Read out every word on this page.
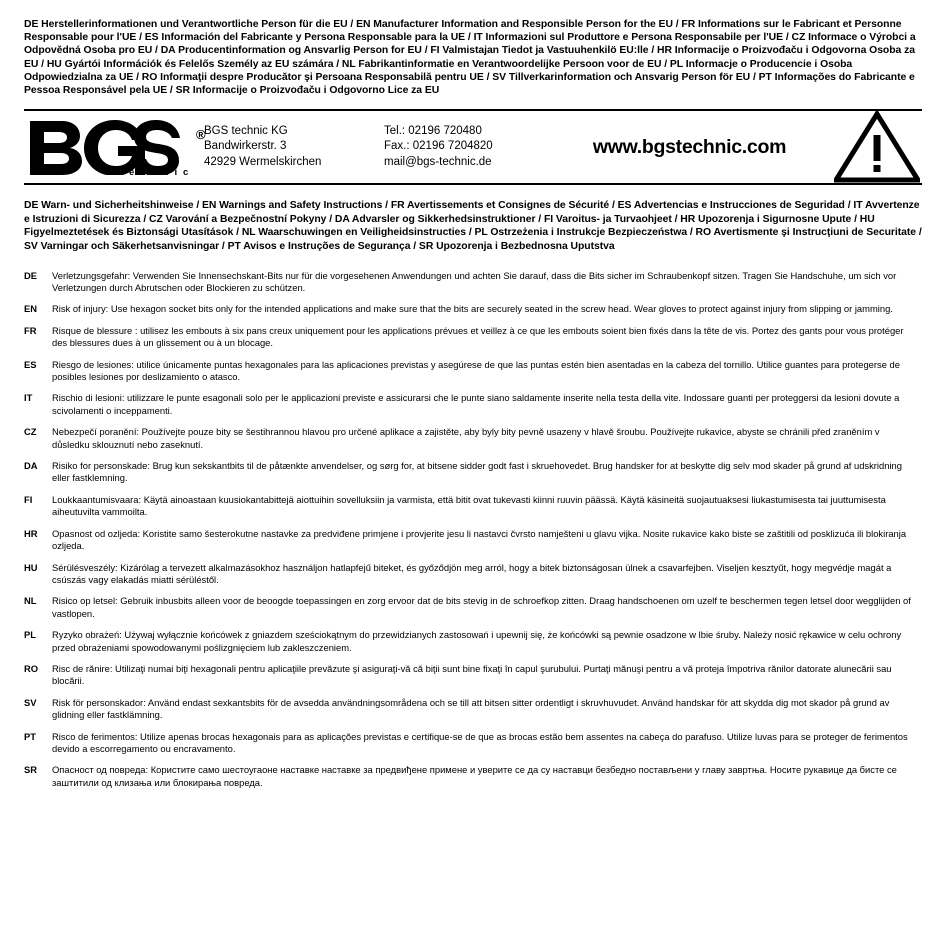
DE Herstellerinformationen und Verantwortliche Person für die EU / EN Manufacturer Information and Responsible Person for the EU / FR Informations sur le Fabricant et Personne Responsable pour l'UE / ES Información del Fabricante y Persona Responsable para la UE / IT Informazioni sul Produttore e Persona Responsabile per l'UE / CZ Informace o Výrobci a Odpovědná Osoba pro EU / DA Producentinformation og Ansvarlig Person for EU / FI Valmistajan Tiedot ja Vastuuhenkilö EU:lle / HR Informacije o Proizvođaču i Odgovorna Osoba za EU / HU Gyártói Információk és Felelős Személy az EU számára / NL Fabrikantinformatie en Verantwoordelijke Persoon voor de EU / PL Informacje o Producencie i Osoba Odpowiedzialna za UE / RO Informaţii despre Producător şi Persoana Responsabilă pentru UE / SV Tillverkarinformation och Ansvarig Person för EU / PT Informações do Fabricante e Pessoa Responsável pela UE / SR Informacije o Proizvođaču i Odgovorno Lice za EU
®
t e c h n i c
BGS technic KG
Bandwirkerstr. 3
42929 Wermelskirchen
Tel.: 02196 720480
Fax.: 02196 7204820
mail@bgs-technic.de
www.bgstechnic.com
DE Warn- und Sicherheitshinweise / EN Warnings and Safety Instructions / FR Avertissements et Consignes de Sécurité / ES Advertencias e Instrucciones de Seguridad / IT Avvertenze e Istruzioni di Sicurezza / CZ Varování a Bezpečnostní Pokyny / DA Advarsler og Sikkerhedsinstruktioner / FI Varoitus- ja Turvaohjeet / HR Upozorenja i Sigurnosne Upute / HU Figyelmeztetések és Biztonsági Utasítások / NL Waarschuwingen en Veiligheidsinstructies / PL Ostrzeżenia i Instrukcje Bezpieczeństwa / RO Avertismente şi Instrucţiuni de Securitate / SV Varningar och Säkerhetsanvisningar / PT Avisos e Instruções de Segurança / SR Upozorenja i Bezbednosna Uputstva
DE	Verletzungsgefahr: Verwenden Sie Innensechskant-Bits nur für die vorgesehenen Anwendungen und achten Sie darauf, dass die Bits sicher im Schraubenkopf sitzen. Tragen Sie Handschuhe, um sich vor Verletzungen durch Abrutschen oder Blockieren zu schützen.
EN	Risk of injury: Use hexagon socket bits only for the intended applications and make sure that the bits are securely seated in the screw head. Wear gloves to protect against injury from slipping or jamming.
FR	Risque de blessure : utilisez les embouts à six pans creux uniquement pour les applications prévues et veillez à ce que les embouts soient bien fixés dans la tête de vis. Portez des gants pour vous protéger des blessures dues à un glissement ou à un blocage.
ES	Riesgo de lesiones: utilice únicamente puntas hexagonales para las aplicaciones previstas y asegúrese de que las puntas estén bien asentadas en la cabeza del tornillo. Utilice guantes para protegerse de posibles lesiones por deslizamiento o atasco.
IT	Rischio di lesioni: utilizzare le punte esagonali solo per le applicazioni previste e assicurarsi che le punte siano saldamente inserite nella testa della vite. Indossare guanti per proteggersi da lesioni dovute a scivolamenti o inceppamenti.
CZ	Nebezpečí poranění: Používejte pouze bity se šestihrannou hlavou pro určené aplikace a zajistěte, aby byly bity pevně usazeny v hlavě šroubu. Používejte rukavice, abyste se chránili před zraněním v důsledku sklouznutí nebo zaseknutí.
DA	Risiko for personskade: Brug kun sekskantbits til de påtænkte anvendelser, og sørg for, at bitsene sidder godt fast i skruehovedet. Brug handsker for at beskytte dig selv mod skader på grund af udskridning eller fastklemning.
FI	Loukkaantumisvaara: Käytä ainoastaan kuusiokantabittejä aiottuihin sovelluksiin ja varmista, että bitit ovat tukevasti kiinni ruuvin päässä. Käytä käsineitä suojautuaksesi liukastumisesta tai juuttumisesta aiheutuvilta vammoilta.
HR	Opasnost od ozljeda: Koristite samo šesterokutne nastavke za predviđene primjene i provjerite jesu li nastavci čvrsto namješteni u glavu vijka. Nosite rukavice kako biste se zaštitili od posklizuća ili blokiranja ozljeda.
HU	Sérülésveszély: Kizárólag a tervezett alkalmazásokhoz használjon hatlapfejű biteket, és győződjön meg arról, hogy a bitek biztonságosan ülnek a csavarfejben. Viseljen kesztyűt, hogy megvédje magát a csúszás vagy elakadás miatti sérüléstől.
NL	Risico op letsel: Gebruik inbusbits alleen voor de beoogde toepassingen en zorg ervoor dat de bits stevig in de schroefkop zitten. Draag handschoenen om uzelf te beschermen tegen letsel door wegglijden of vastlopen.
PL	Ryzyko obrażeń: Używaj wyłącznie końcówek z gniazdem sześciokątnym do przewidzianych zastosowań i upewnij się, że końcówki są pewnie osadzone w lbie śruby. Należy nosić rękawice w celu ochrony przed obrażeniami spowodowanymi poślizgnięciem lub zakleszczeniem.
RO	Risc de rănire: Utilizaţi numai biţi hexagonali pentru aplicaţiile prevăzute şi asiguraţi-vă că biţii sunt bine fixaţi în capul şurubului. Purtaţi mănuşi pentru a vă proteja împotriva rănilor datorate alunecării sau blocării.
SV	Risk för personskador: Använd endast sexkantsbits för de avsedda användningsområdena och se till att bitsen sitter ordentligt i skruvhuvudet. Använd handskar för att skydda dig mot skador på grund av glidning eller fastklämning.
PT	Risco de ferimentos: Utilize apenas brocas hexagonais para as aplicações previstas e certifique-se de que as brocas estão bem assentes na cabeça do parafuso. Utilize luvas para se proteger de ferimentos devido a escorregamento ou encravamento.
SR	Опасност од повреда: Користите само шестоугаоне наставке наставке за предвиђене примене и уверите се да су наставци безбедно постављени у главу завртња. Носите рукавице да бисте се заштитили од клизања или блокирања повреда.
